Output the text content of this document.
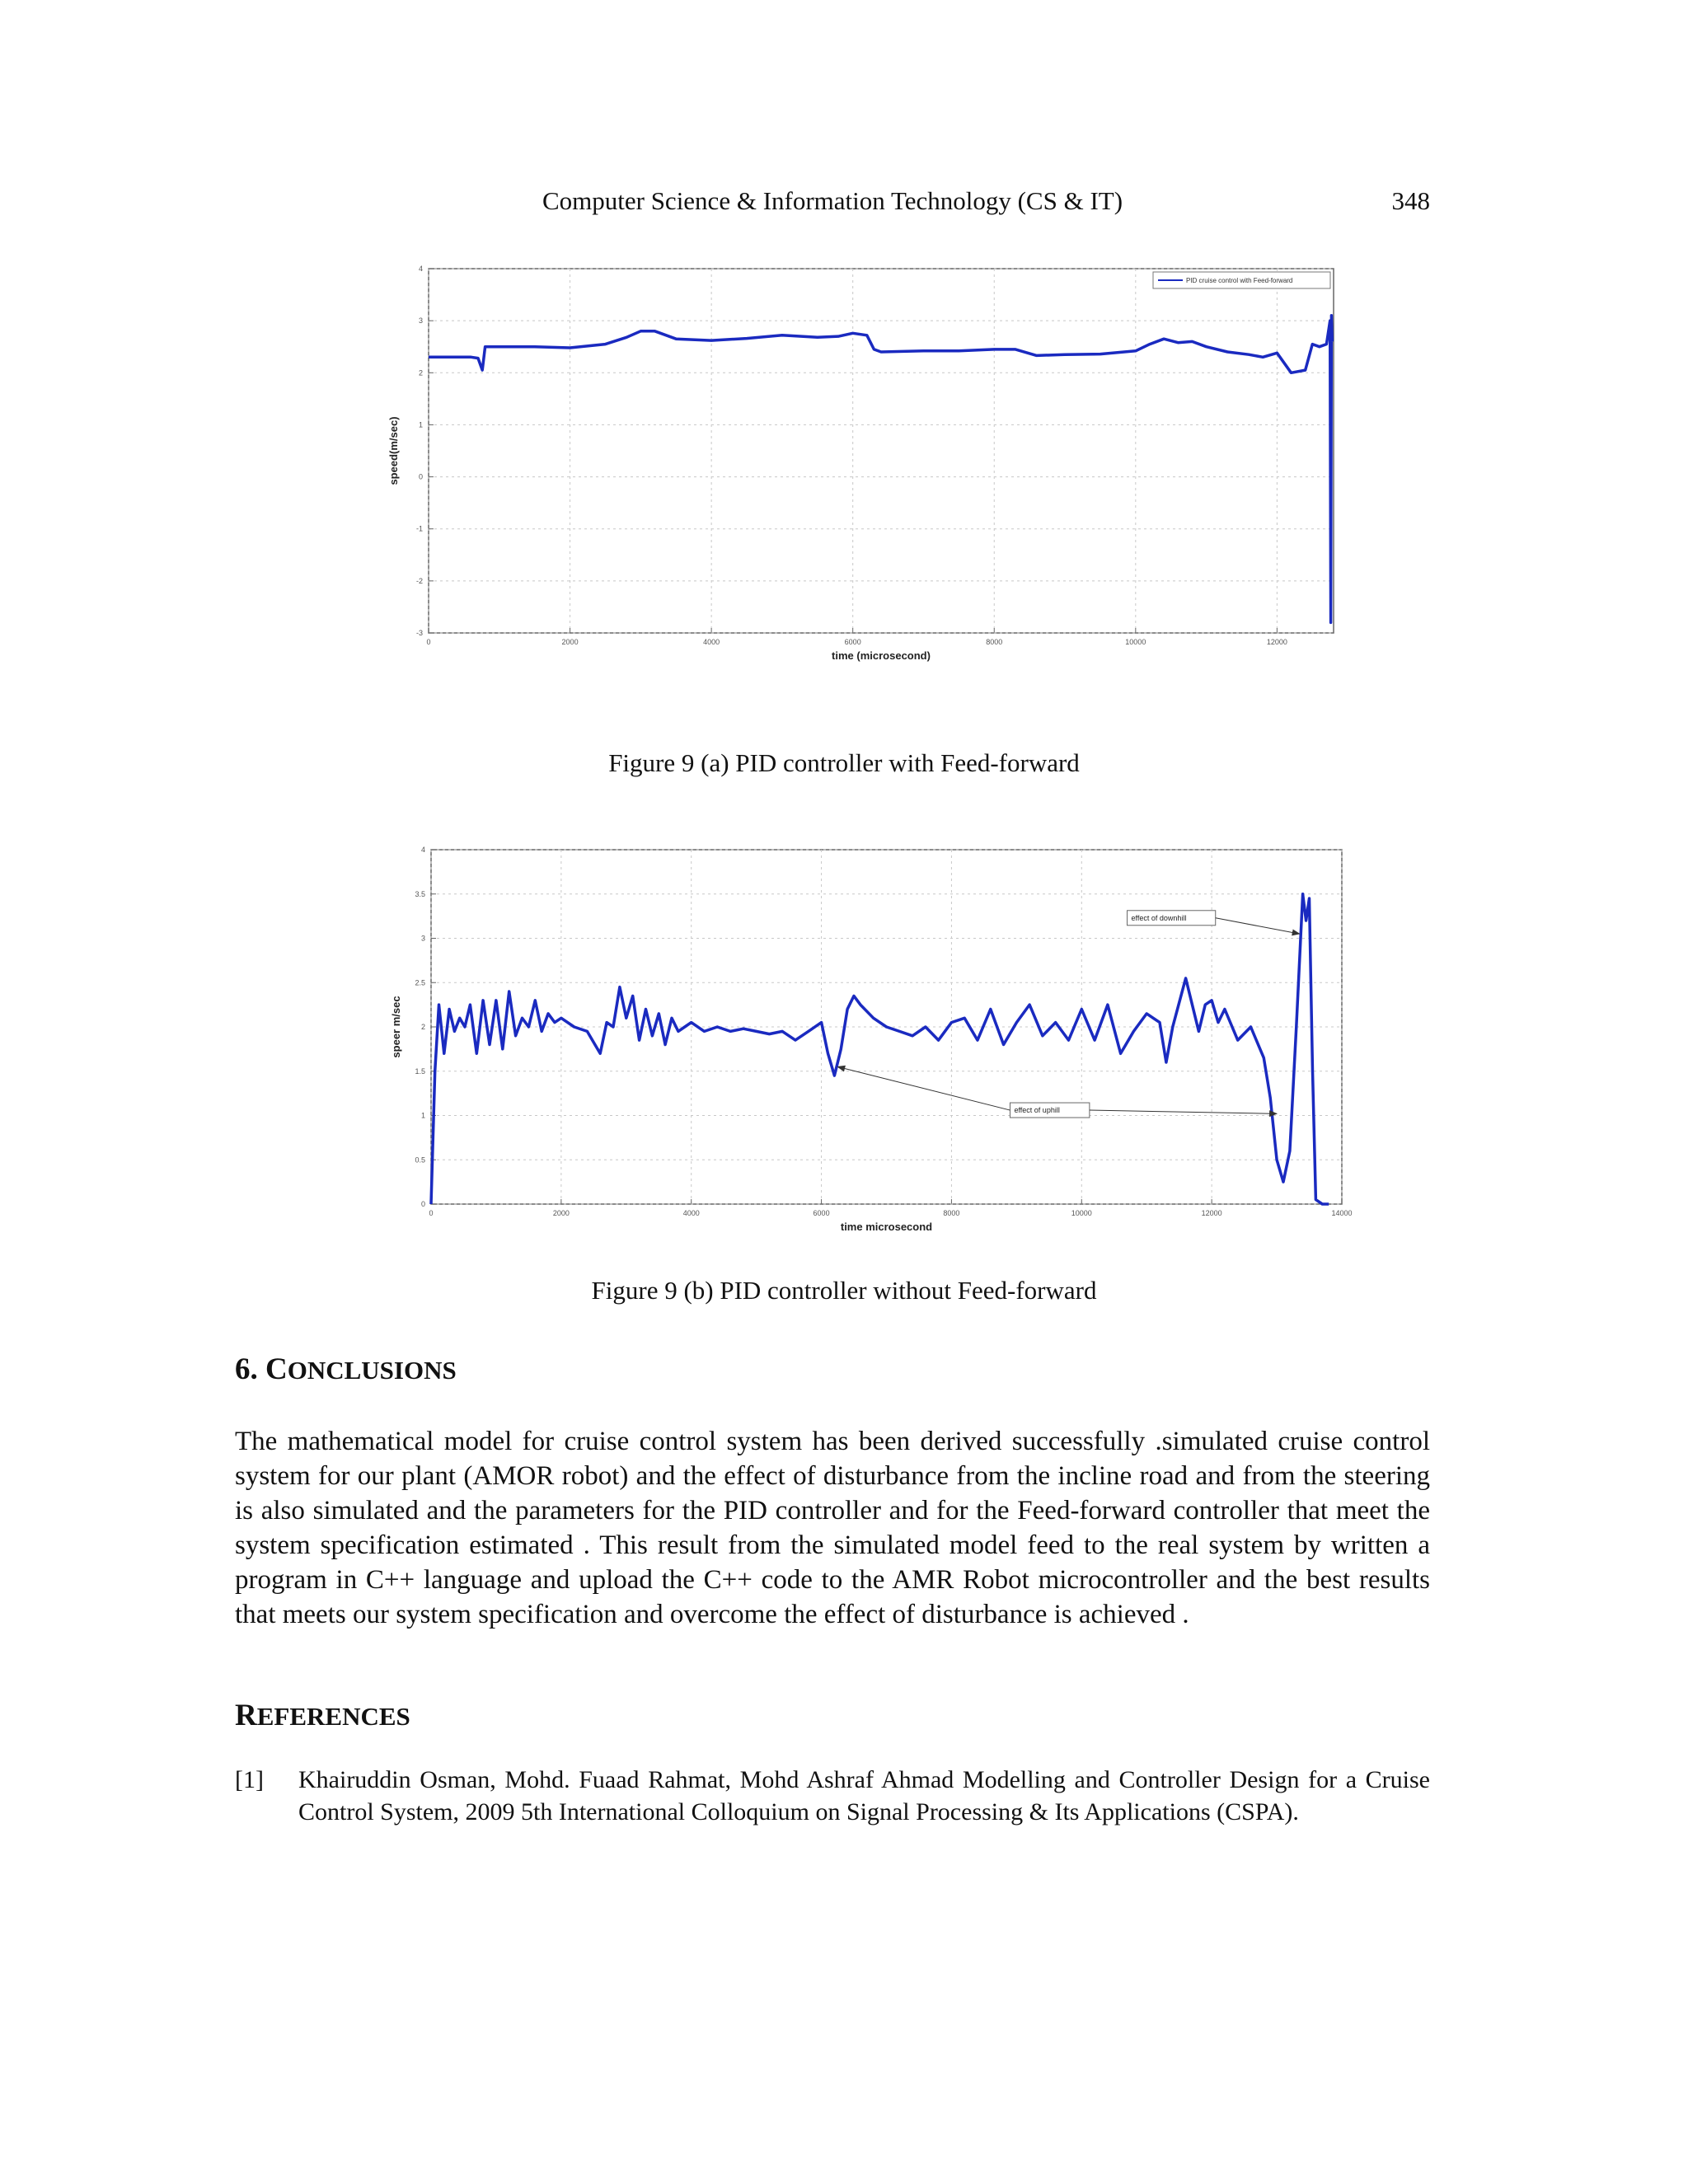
Computer Science & Information Technology (CS & IT)	348
0	2000	4000	6000	8000	10000	12000
-3
-2
-1
0
1
2
3
4
time (microsecond)
speed(m/sec)
PID cruise control with Feed-forward
Figure 9 (a) PID controller with Feed-forward
0	2000	4000	6000	8000	10000	12000	14000
0
0.5
1
1.5
2
2.5
3
3.5
4
time microsecond
speer m/sec
effect of downhill
effect of uphill
Figure 9 (b) PID controller without Feed-forward
6. CONCLUSIONS

The mathematical model for cruise control system has been derived successfully .simulated cruise control system for our plant (AMOR robot) and the effect of disturbance from the incline road and from the steering is also simulated and the parameters for the PID controller and for the Feed-forward controller that meet the system specification estimated . This result from the simulated model feed to the real system by written a program in C++ language and upload the C++ code to the AMR Robot microcontroller and the best results that meets our system specification and overcome the effect of disturbance is achieved .

REFERENCES
[1] Khairuddin Osman, Mohd. Fuaad Rahmat, Mohd Ashraf Ahmad Modelling and Controller Design for a Cruise Control System, 2009 5th International Colloquium on Signal Processing & Its Applications (CSPA).
